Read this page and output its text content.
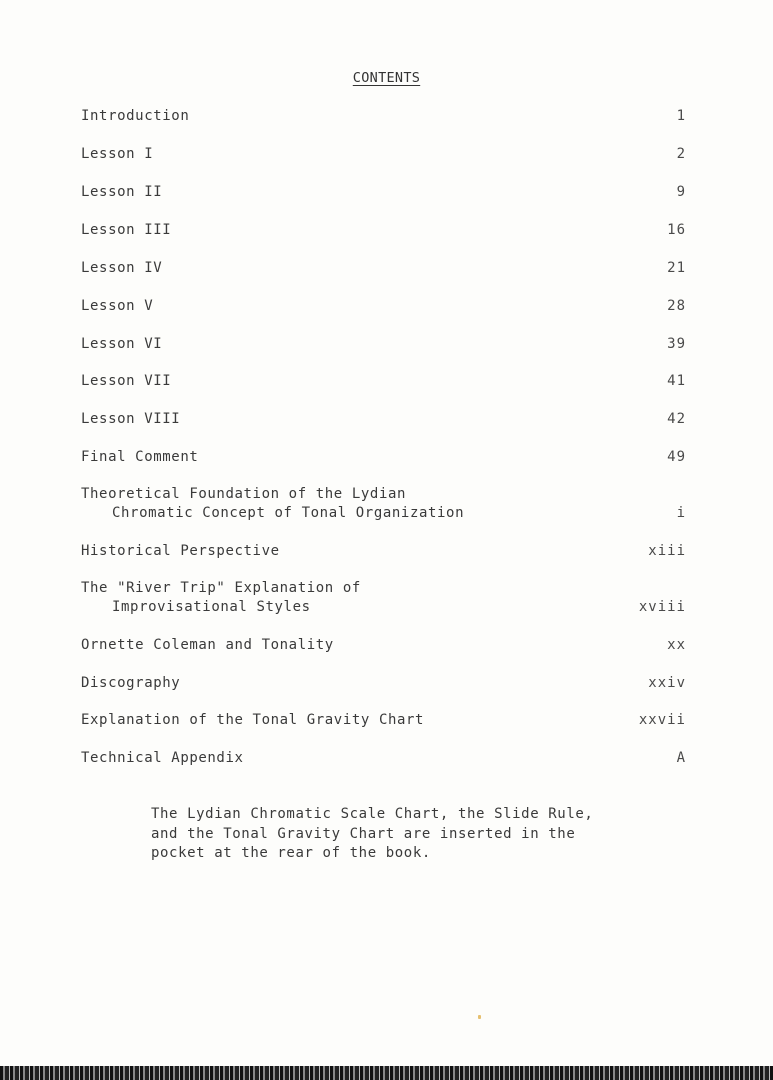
CONTENTS
Introduction	1
Lesson I	2
Lesson II	9
Lesson III	16
Lesson IV	21
Lesson V	28
Lesson VI	39
Lesson VII	41
Lesson VIII	42
Final Comment	49
Theoretical Foundation of the Lydian
Chromatic Concept of Tonal Organization	i
Historical Perspective	xiii
The "River Trip" Explanation of
Improvisational Styles	xviii
Ornette Coleman and Tonality	xx
Discography	xxiv
Explanation of the Tonal Gravity Chart	xxvii
Technical Appendix	A
The Lydian Chromatic Scale Chart, the Slide Rule,
and the Tonal Gravity Chart are inserted in the
pocket at the rear of the book.
